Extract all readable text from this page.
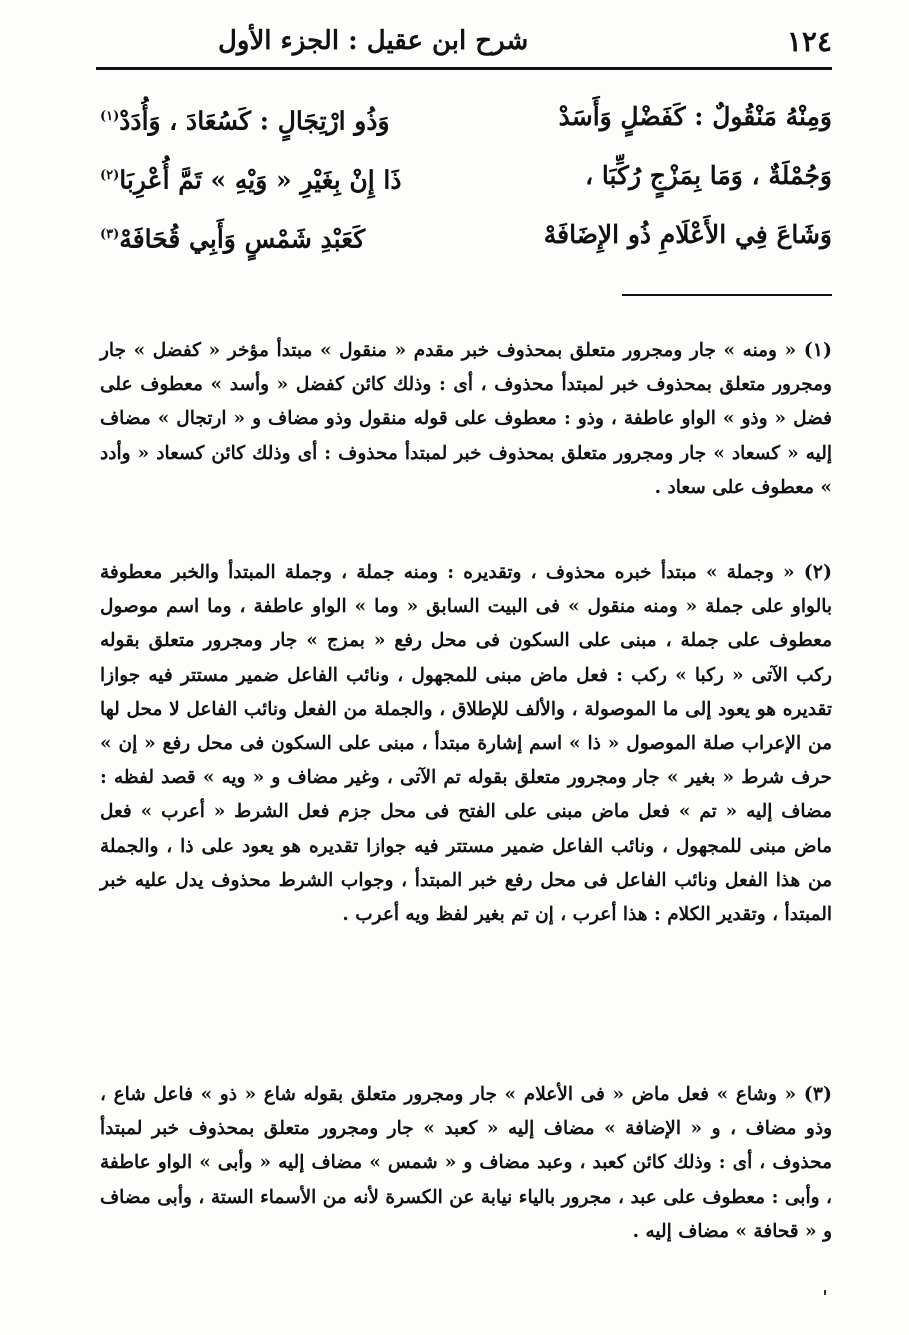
١٢٤
شرح ابن عقيل : الجزء الأول
وَمِنْهُ مَنْقُولٌ : كَفَضْلٍ وَأَسَدْ
وَذُو ارْتِجَالٍ : كَسُعَادَ ، وَأُدَدْ$^{(١)}$
وَجُمْلَةٌ ، وَمَا بِمَزْجٍ رُكِّبَا ،
ذَا إِنْ بِغَيْرِ « وَيْهِ » تَمَّ أُعْرِبَا$^{(٢)}$
وَشَاعَ فِي الأَعْلَامِ ذُو الإِضَافَهْ
كَعَبْدِ شَمْسٍ وَأَبِي قُحَافَهْ$^{(٣)}$

(١) « ومنه » جار ومجرور متعلق بمحذوف خبر مقدم « منقول » مبتدأ مؤخر « كفضل » جار ومجرور متعلق بمحذوف خبر لمبتدأ محذوف ، أى : وذلك كائن كفضل « وأسد » معطوف على فضل « وذو » الواو عاطفة ، وذو : معطوف على قوله منقول وذو مضاف و « ارتجال » مضاف إليه « كسعاد » جار ومجرور متعلق بمحذوف خبر لمبتدأ محذوف : أى وذلك كائن كسعاد « وأدد » معطوف على سعاد .

(٢) « وجملة » مبتدأ خبره محذوف ، وتقديره : ومنه جملة ، وجملة المبتدأ والخبر معطوفة بالواو على جملة « ومنه منقول » فى البيت السابق « وما » الواو عاطفة ، وما اسم موصول معطوف على جملة ، مبنى على السكون فى محل رفع « بمزج » جار ومجرور متعلق بقوله ركب الآتى « ركبا » ركب : فعل ماض مبنى للمجهول ، ونائب الفاعل ضمير مستتر فيه جوازا تقديره هو يعود إلى ما الموصولة ، والألف للإطلاق ، والجملة من الفعل ونائب الفاعل لا محل لها من الإعراب صلة الموصول « ذا » اسم إشارة مبتدأ ، مبنى على السكون فى محل رفع « إن » حرف شرط « بغير » جار ومجرور متعلق بقوله تم الآتى ، وغير مضاف و « ويه » قصد لفظه : مضاف إليه « تم » فعل ماض مبنى على الفتح فى محل جزم فعل الشرط « أعرب » فعل ماض مبنى للمجهول ، ونائب الفاعل ضمير مستتر فيه جوازا تقديره هو يعود على ذا ، والجملة من هذا الفعل ونائب الفاعل فى محل رفع خبر المبتدأ ، وجواب الشرط محذوف يدل عليه خبر المبتدأ ، وتقدير الكلام : هذا أعرب ، إن تم بغير لفظ ويه أعرب .

(٣) « وشاع » فعل ماض « فى الأعلام » جار ومجرور متعلق بقوله شاع « ذو » فاعل شاع ، وذو مضاف ، و « الإضافة » مضاف إليه « كعبد » جار ومجرور متعلق بمحذوف خبر لمبتدأ محذوف ، أى : وذلك كائن كعبد ، وعبد مضاف و « شمس » مضاف إليه « وأبى » الواو عاطفة ، وأبى : معطوف على عبد ، مجرور بالياء نيابة عن الكسرة لأنه من الأسماء الستة ، وأبى مضاف و « قحافة » مضاف إليه .
